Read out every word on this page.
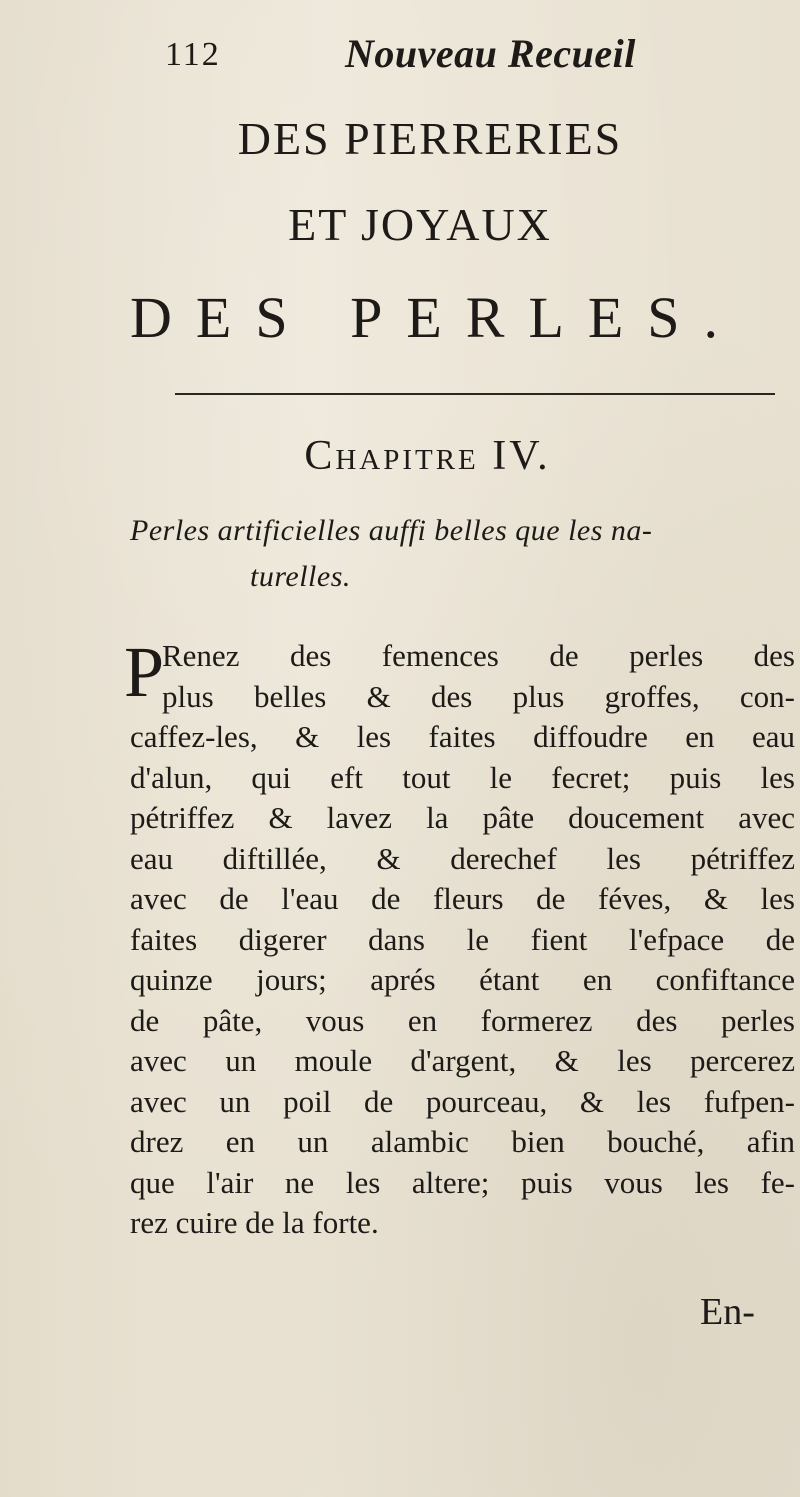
112	Nouveau Recueil
DES PIERRERIES
ET JOYAUX
DES PERLES.
Chapitre IV.
Perles artificielles auffi belles que les na-
turelles.
P
Renez des femences de perles des
plus belles & des plus groffes, con-
caffez-les, & les faites diffoudre en eau
d'alun, qui eft tout le fecret; puis les
pétriffez & lavez la pâte doucement avec
eau diftillée, & derechef les pétriffez
avec de l'eau de fleurs de féves, & les
faites digerer dans le fient l'efpace de
quinze jours; aprés étant en confiftance
de pâte, vous en formerez des perles
avec un moule d'argent, & les percerez
avec un poil de pourceau, & les fufpen-
drez en un alambic bien bouché, afin
que l'air ne les altere; puis vous les fe-
rez cuire de la forte.
En-
